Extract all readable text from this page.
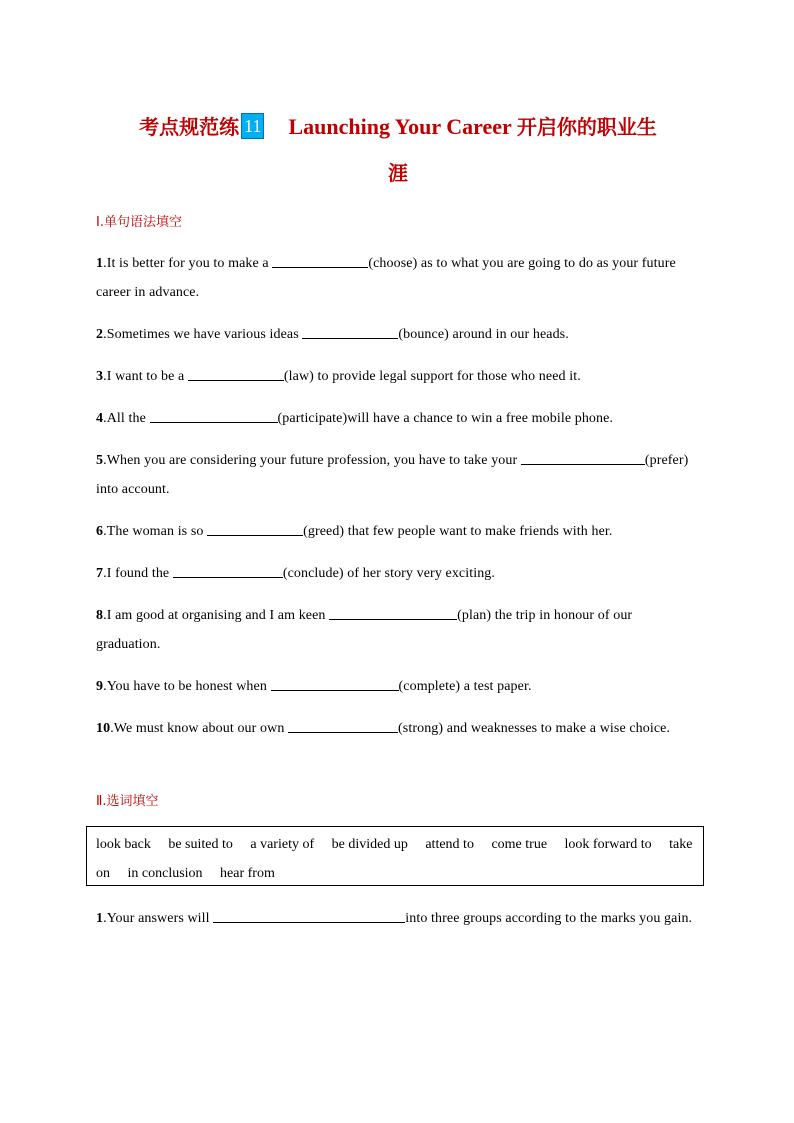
考点规范练 11 Launching Your Career 开启你的职业生
涯
Ⅰ.单句语法填空
1.It is better for you to make a	(choose) as to what you are going to do as your future career in advance.
2.Sometimes we have various ideas	(bounce) around in our heads.
3.I want to be a	(law) to provide legal support for those who need it.
4.All the	(participate)will have a chance to win a free mobile phone.
5.When you are considering your future profession, you have to take your	(prefer) into account.
6.The woman is so	(greed) that few people want to make friends with her.
7.I found the	(conclude) of her story very exciting.
8.I am good at organising and I am keen	(plan) the trip in honour of our graduation.
9.You have to be honest when	(complete) a test paper.
10.We must know about our own	(strong) and weaknesses to make a wise choice.
Ⅱ.选词填空
look back be suited to a variety of be divided up attend to come true look forward to take on in conclusion hear from
1.Your answers will	into three groups according to the marks you gain.
